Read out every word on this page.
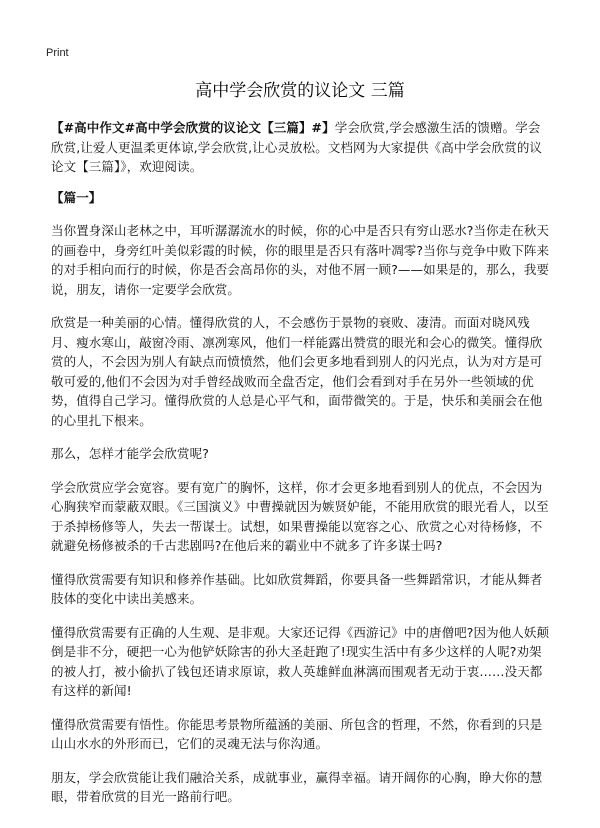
Print
高中学会欣赏的议论文 三篇

【#高中作文#高中学会欣赏的议论文【三篇】#】学会欣赏,学会感激生活的馈赠。学会欣赏,让爱人更温柔更体谅,学会欣赏,让心灵放松。文档网为大家提供《高中学会欣赏的议论文【三篇】》，欢迎阅读。

【篇一】

当你置身深山老林之中，耳听潺潺流水的时候，你的心中是否只有穷山恶水?当你走在秋天的画卷中，身旁红叶美似彩霞的时候，你的眼里是否只有落叶凋零?当你与竞争中败下阵来的对手相向而行的时候，你是否会高昂你的头，对他不屑一顾?——如果是的，那么，我要说，朋友，请你一定要学会欣赏。

欣赏是一种美丽的心情。懂得欣赏的人，不会感伤于景物的衰败、凄清。而面对晓风残月、瘦水寒山，敲窗冷雨、凛冽寒风，他们一样能露出赞赏的眼光和会心的微笑。懂得欣赏的人，不会因为别人有缺点而愤愤然，他们会更多地看到别人的闪光点，认为对方是可敬可爱的,他们不会因为对手曾经战败而全盘否定，他们会看到对手在另外一些领域的优势，值得自己学习。懂得欣赏的人总是心平气和，面带微笑的。于是，快乐和美丽会在他的心里扎下根来。

那么，怎样才能学会欣赏呢?

学会欣赏应学会宽容。要有宽广的胸怀，这样，你才会更多地看到别人的优点，不会因为心胸狭窄而蒙蔽双眼。《三国演义》中曹操就因为嫉贤妒能，不能用欣赏的眼光看人，以至于杀掉杨修等人，失去一帮谋士。试想，如果曹操能以宽容之心、欣赏之心对待杨修，不就避免杨修被杀的千古悲剧吗?在他后来的霸业中不就多了许多谋士吗?

懂得欣赏需要有知识和修养作基础。比如欣赏舞蹈，你要具备一些舞蹈常识，才能从舞者肢体的变化中读出美感来。

懂得欣赏需要有正确的人生观、是非观。大家还记得《西游记》中的唐僧吧?因为他人妖颠倒是非不分，硬把一心为他铲妖除害的孙大圣赶跑了!现实生活中有多少这样的人呢?劝架的被人打，被小偷扒了钱包还请求原谅，救人英雄鲜血淋漓而围观者无动于衷……没天都有这样的新闻!

懂得欣赏需要有悟性。你能思考景物所蕴涵的美丽、所包含的哲理，不然，你看到的只是山山水水的外形而已，它们的灵魂无法与你沟通。

朋友，学会欣赏能让我们融洽关系，成就事业，赢得幸福。请开阔你的心胸，睁大你的慧眼，带着欣赏的目光一路前行吧。
